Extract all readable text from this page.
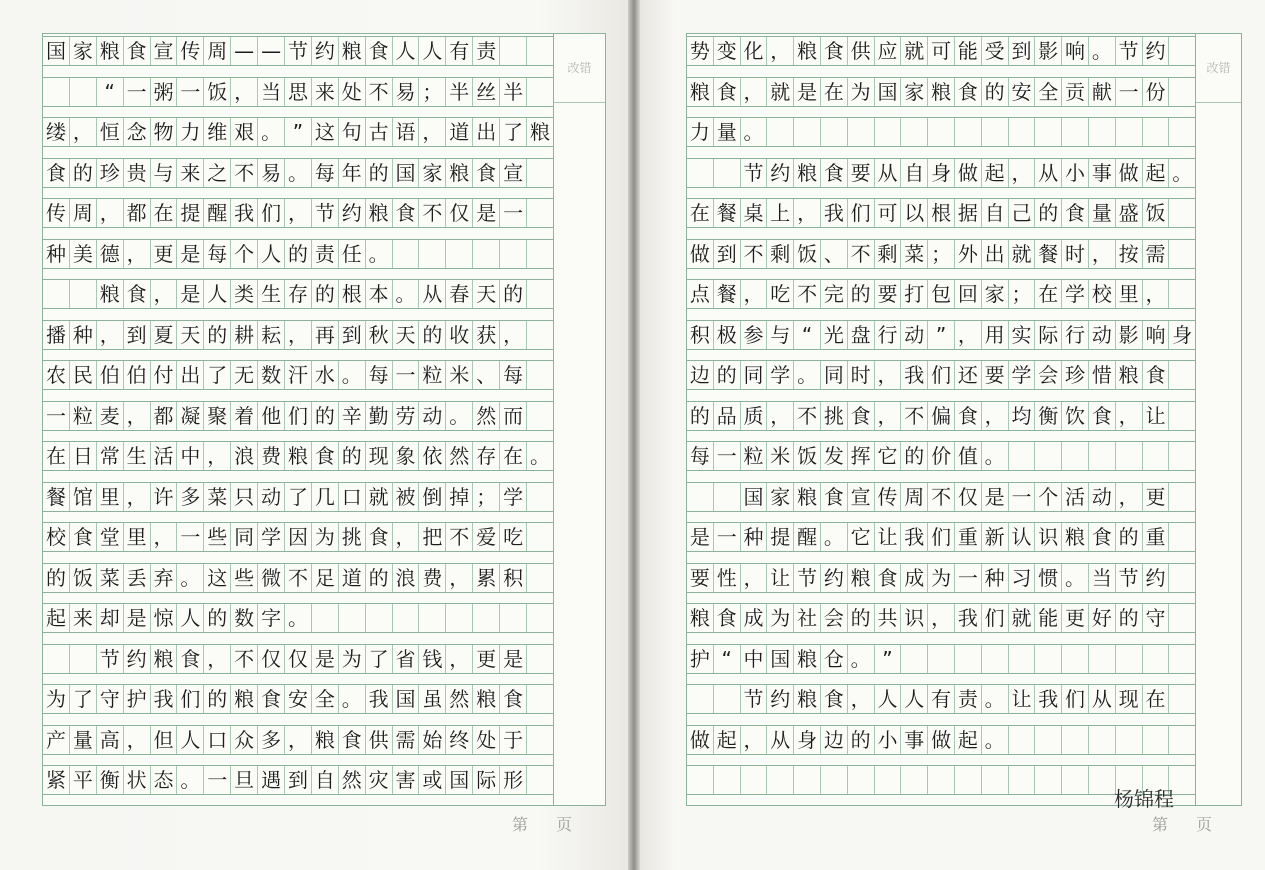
国 家 粮 食 宣 传 周 — — 节 约 粮 食 人 人 有 责
“ 一 粥 一 饭 ， 当 思 来 处 不 易 ； 半 丝 半
缕 ， 恒 念 物 力 维 艰 。 ” 这 句 古 语 ， 道 出 了 粮
食 的 珍 贵 与 来 之 不 易 。 每 年 的 国 家 粮 食 宣
传 周 ， 都 在 提 醒 我 们 ， 节 约 粮 食 不 仅 是 一
种 美 德 ， 更 是 每 个 人 的 责 任 。
粮 食 ， 是 人 类 生 存 的 根 本 。 从 春 天 的
播 种 ， 到 夏 天 的 耕 耘 ， 再 到 秋 天 的 收 获 ，
农 民 伯 伯 付 出 了 无 数 汗 水 。 每 一 粒 米 、 每
一 粒 麦 ， 都 凝 聚 着 他 们 的 辛 勤 劳 动 。 然 而
在 日 常 生 活 中 ， 浪 费 粮 食 的 现 象 依 然 存 在 。
餐 馆 里 ， 许 多 菜 只 动 了 几 口 就 被 倒 掉 ； 学
校 食 堂 里 ， 一 些 同 学 因 为 挑 食 ， 把 不 爱 吃
的 饭 菜 丢 弃 。 这 些 微 不 足 道 的 浪 费 ， 累 积
起 来 却 是 惊 人 的 数 字 。
节 约 粮 食 ， 不 仅 仅 是 为 了 省 钱 ， 更 是
为 了 守 护 我 们 的 粮 食 安 全 。 我 国 虽 然 粮 食
产 量 高 ， 但 人 口 众 多 ， 粮 食 供 需 始 终 处 于
紧 平 衡 状 态 。 一 旦 遇 到 自 然 灾 害 或 国 际 形
改错
第页
势 变 化 ， 粮 食 供 应 就 可 能 受 到 影 响 。 节 约
粮 食 ， 就 是 在 为 国 家 粮 食 的 安 全 贡 献 一 份
力 量 。
节 约 粮 食 要 从 自 身 做 起 ， 从 小 事 做 起 。
在 餐 桌 上 ， 我 们 可 以 根 据 自 己 的 食 量 盛 饭
做 到 不 剩 饭 、 不 剩 菜 ； 外 出 就 餐 时 ， 按 需
点 餐 ， 吃 不 完 的 要 打 包 回 家 ； 在 学 校 里 ，
积 极 参 与 “ 光 盘 行 动 ” ， 用 实 际 行 动 影 响 身
边 的 同 学 。 同 时 ， 我 们 还 要 学 会 珍 惜 粮 食
的 品 质 ， 不 挑 食 ， 不 偏 食 ， 均 衡 饮 食 ， 让
每 一 粒 米 饭 发 挥 它 的 价 值 。
国 家 粮 食 宣 传 周 不 仅 是 一 个 活 动 ， 更
是 一 种 提 醒 。 它 让 我 们 重 新 认 识 粮 食 的 重
要 性 ， 让 节 约 粮 食 成 为 一 种 习 惯 。 当 节 约
粮 食 成 为 社 会 的 共 识 ， 我 们 就 能 更 好 的 守
护 “ 中 国 粮 仓 。 ”
节 约 粮 食 ， 人 人 有 责 。 让 我 们 从 现 在
做 起 ， 从 身 边 的 小 事 做 起 。
改错
杨锦程
第页
